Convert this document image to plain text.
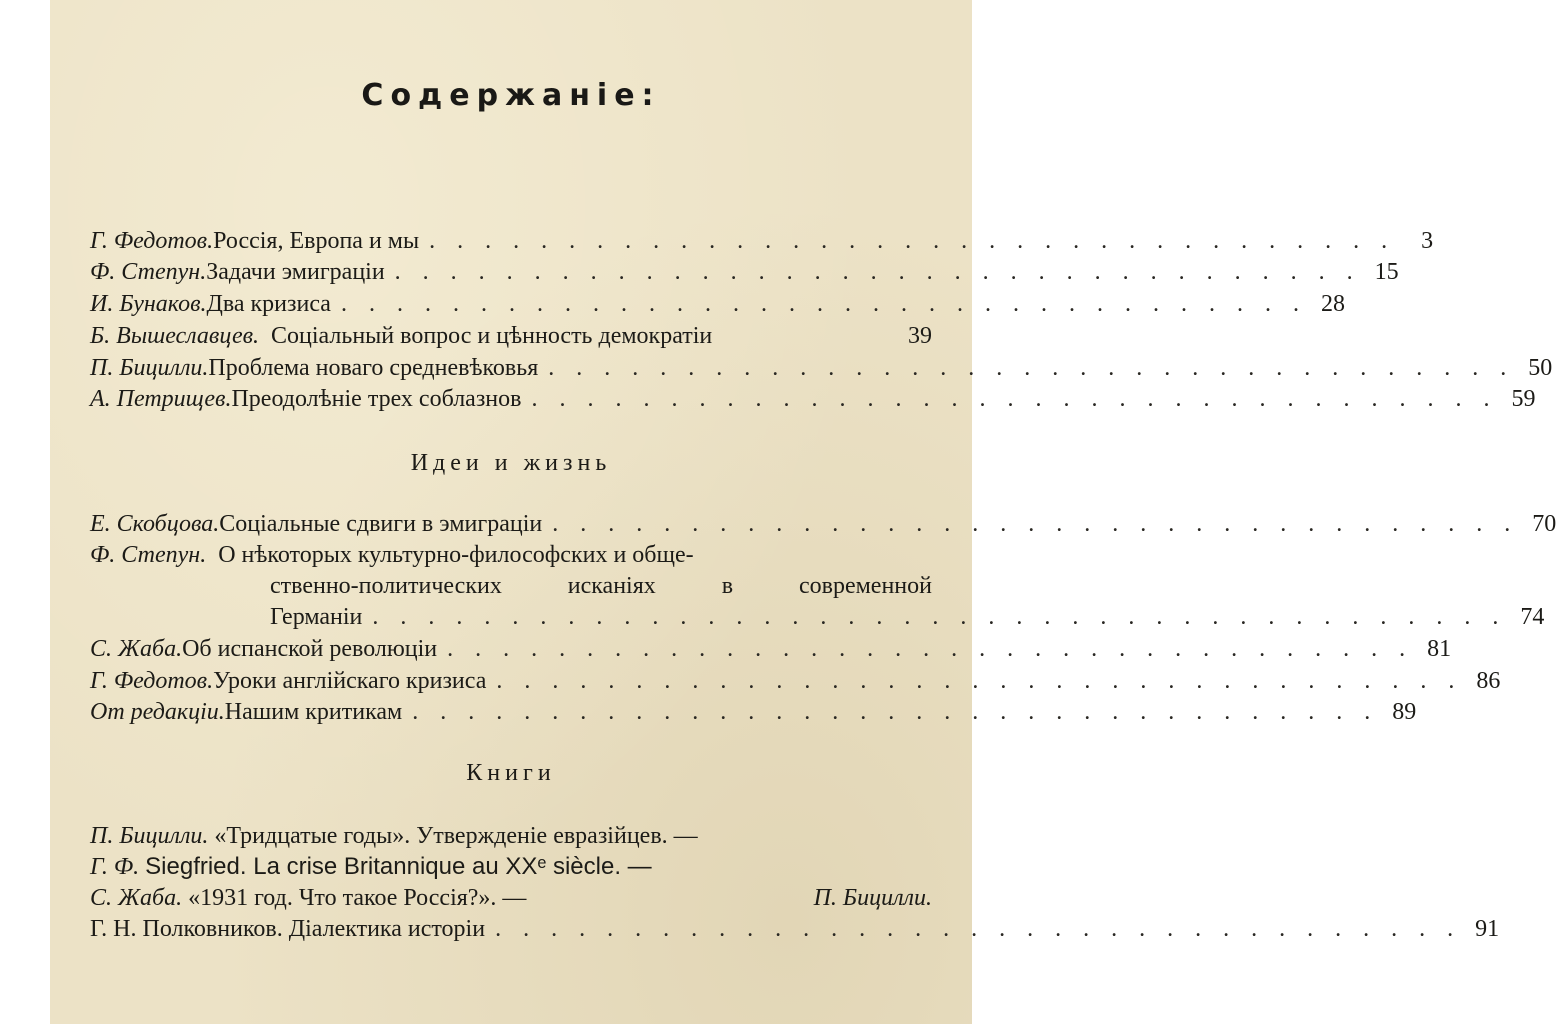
Содержаніе:
Г. Федотов. Россія, Европа и мы . . . . . . . . . . . . . . . . . . . . . . . . . . . . . . . . . . .	3
Ф. Степун. Задачи эмиграціи . . . . . . . . . . . . . . . . . . . . . . . . . . . . . . . . . . . 15
И. Бунаков. Два кризиса . . . . . . . . . . . . . . . . . . . . . . . . . . . . . . . . . . . 28
Б. Вышеславцев. Соціальный вопрос и цѣнность демократіи	39
П. Бицилли. Проблема новаго средневѣковья . . . . . . . . . . . . . . . . . . . . . . . . . . . . . . . . . . . 50
А. Петрищев. Преодолѣніе трех соблазнов . . . . . . . . . . . . . . . . . . . . . . . . . . . . . . . . . . . 59
Идеи и жизнь
Е. Скобцова. Соціальные сдвиги в эмиграціи . . . . . . . . . . . . . . . . . . . . . . . . . . . . . . . . . . . 70
Ф. Степун. О нѣкоторых культурно-философских и обще-
ственно-политических	исканіях	в	современной
Германіи . . . . . . . . . . . . . . . . . . . . . . . . . . . . . . . . . . . . . . . . . 74
С. Жаба. Об испанской революціи . . . . . . . . . . . . . . . . . . . . . . . . . . . . . . . . . . . 81
Г. Федотов. Уроки англійскаго кризиса . . . . . . . . . . . . . . . . . . . . . . . . . . . . . . . . . . . 86
От редакціи. Нашим критикам . . . . . . . . . . . . . . . . . . . . . . . . . . . . . . . . . . . 89
Книги
П. Бицилли. «Тридцатые годы». Утвержденіе евразійцев. —
Г. Ф. Siegfried. La crise Britannique au XXᵉ siècle. —
С. Жаба. «1931 год. Что такое Россія?». —	П. Бицилли.
Г. Н. Полковников. Діалектика исторіи . . . . . . . . . . . . . . . . . . . . . . . . . . . . . . . . . . . 91
